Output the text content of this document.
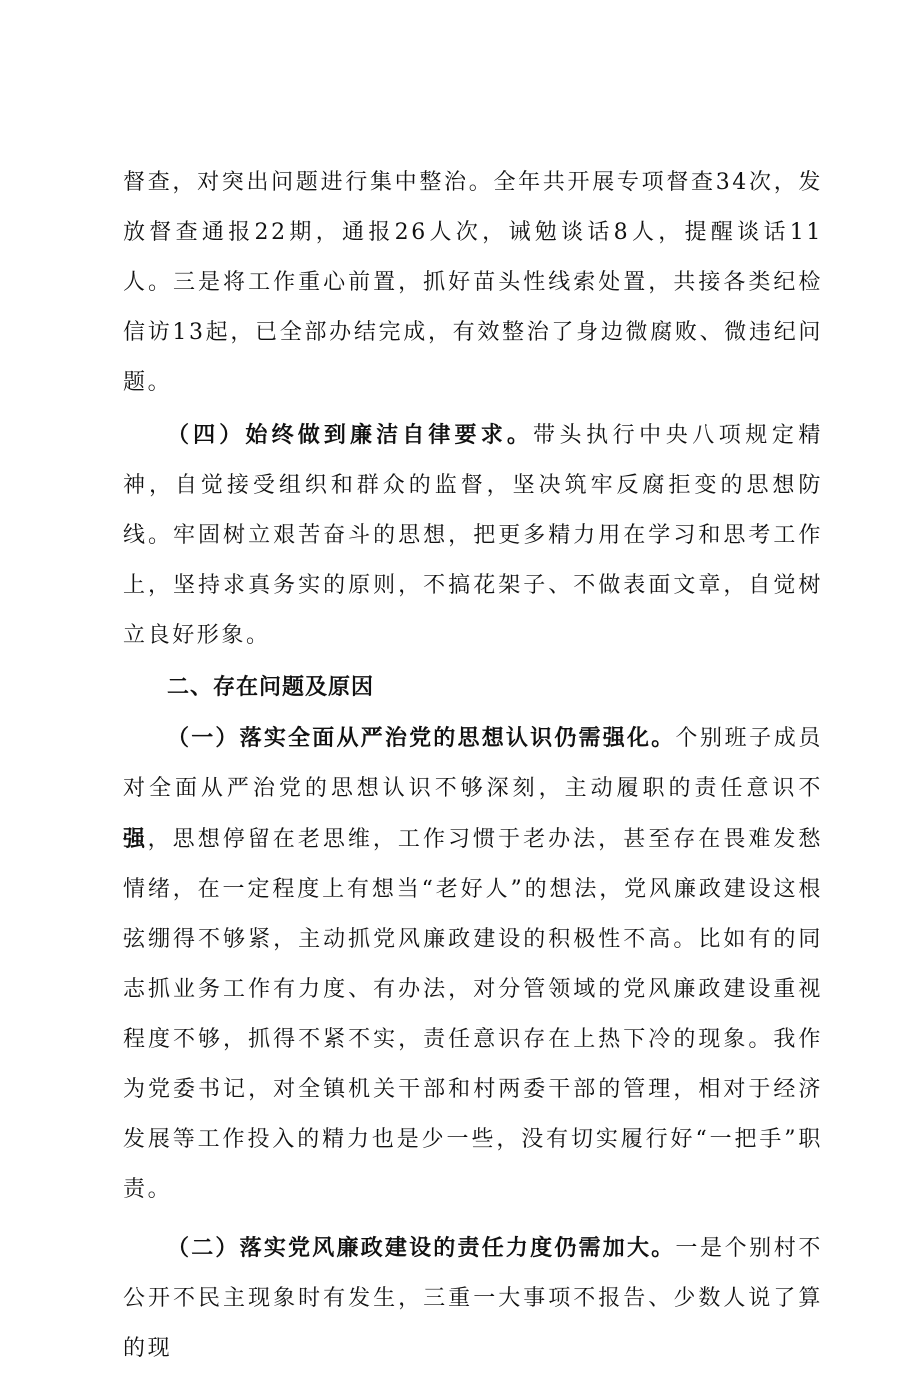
督查，对突出问题进行集中整治。全年共开展专项督查34次，发放督查通报22期，通报26人次，诫勉谈话8人，提醒谈话11人。三是将工作重心前置，抓好苗头性线索处置，共接各类纪检信访13起，已全部办结完成，有效整治了身边微腐败、微违纪问题。

（四）始终做到廉洁自律要求。带头执行中央八项规定精神，自觉接受组织和群众的监督，坚决筑牢反腐拒变的思想防线。牢固树立艰苦奋斗的思想，把更多精力用在学习和思考工作上，坚持求真务实的原则，不搞花架子、不做表面文章，自觉树立良好形象。

二、存在问题及原因

（一）落实全面从严治党的思想认识仍需强化。个别班子成员对全面从严治党的思想认识不够深刻，主动履职的责任意识不强，思想停留在老思维，工作习惯于老办法，甚至存在畏难发愁情绪，在一定程度上有想当“老好人”的想法，党风廉政建设这根弦绷得不够紧，主动抓党风廉政建设的积极性不高。比如有的同志抓业务工作有力度、有办法，对分管领域的党风廉政建设重视程度不够，抓得不紧不实，责任意识存在上热下冷的现象。我作为党委书记，对全镇机关干部和村两委干部的管理，相对于经济发展等工作投入的精力也是少一些，没有切实履行好“一把手”职责。

（二）落实党风廉政建设的责任力度仍需加大。一是个别村不公开不民主现象时有发生，三重一大事项不报告、少数人说了算的现
